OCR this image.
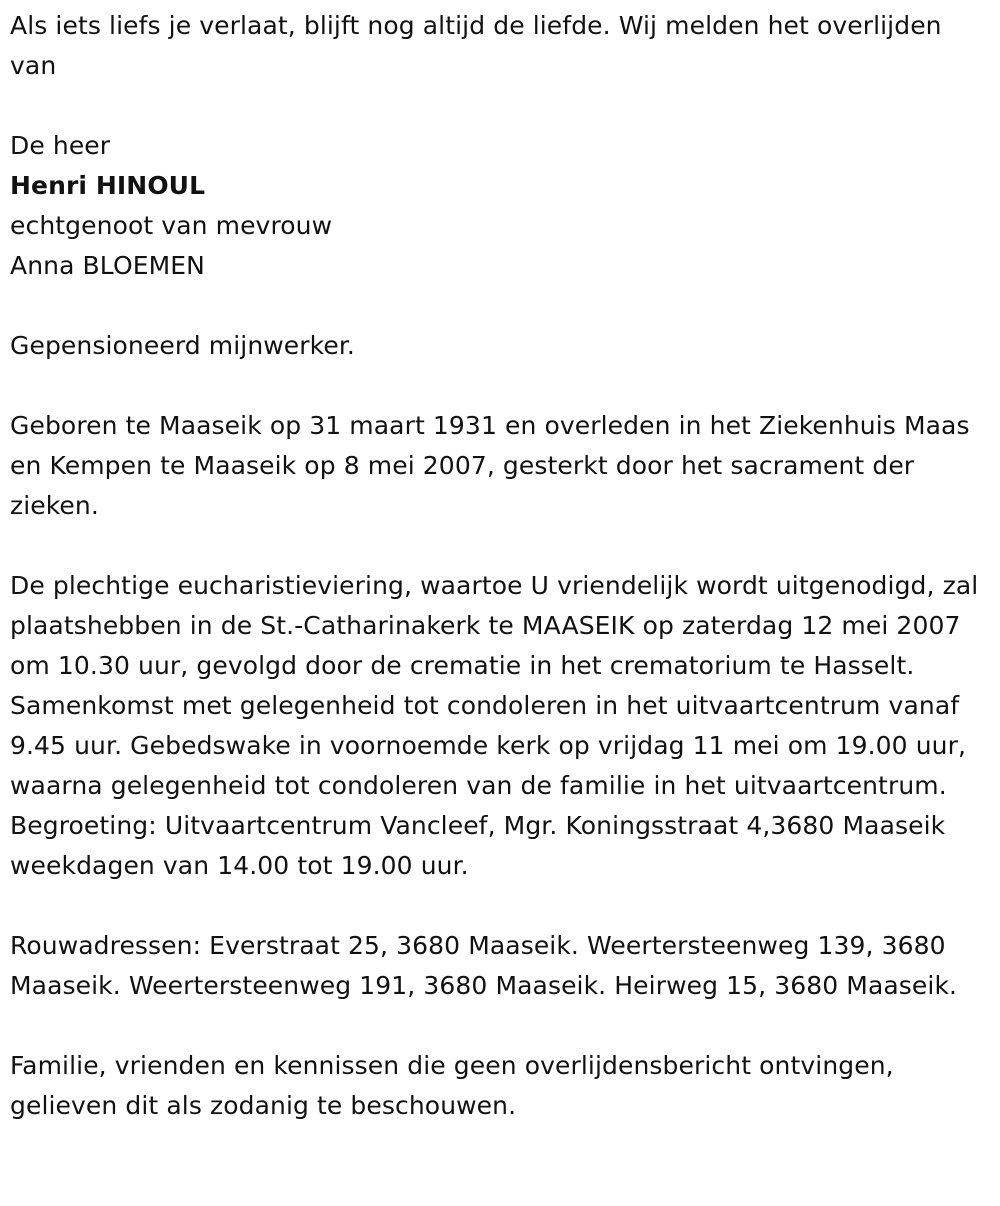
Als iets liefs je verlaat, blijft nog altijd de liefde. Wij melden het overlijden van

De heer

Henri HINOUL

echtgenoot van mevrouw

Anna BLOEMEN

Gepensioneerd mijnwerker.

Geboren te Maaseik op 31 maart 1931 en overleden in het Ziekenhuis Maas en Kempen te Maaseik op 8 mei 2007, gesterkt door het sacrament der zieken.

De plechtige eucharistieviering, waartoe U vriendelijk wordt uitgenodigd, zal plaatshebben in de St.-Catharinakerk te MAASEIK op zaterdag 12 mei 2007 om 10.30 uur, gevolgd door de crematie in het crematorium te Hasselt. Samenkomst met gelegenheid tot condoleren in het uitvaartcentrum vanaf 9.45 uur. Gebedswake in voornoemde kerk op vrijdag 11 mei om 19.00 uur, waarna gelegenheid tot condoleren van de familie in het uitvaartcentrum. Begroeting: Uitvaartcentrum Vancleef, Mgr. Koningsstraat 4,3680 Maaseik weekdagen van 14.00 tot 19.00 uur.

Rouwadressen: Everstraat 25, 3680 Maaseik. Weertersteenweg 139, 3680 Maaseik. Weertersteenweg 191, 3680 Maaseik. Heirweg 15, 3680 Maaseik.

Familie, vrienden en kennissen die geen overlijdensbericht ontvingen, gelieven dit als zodanig te beschouwen.
